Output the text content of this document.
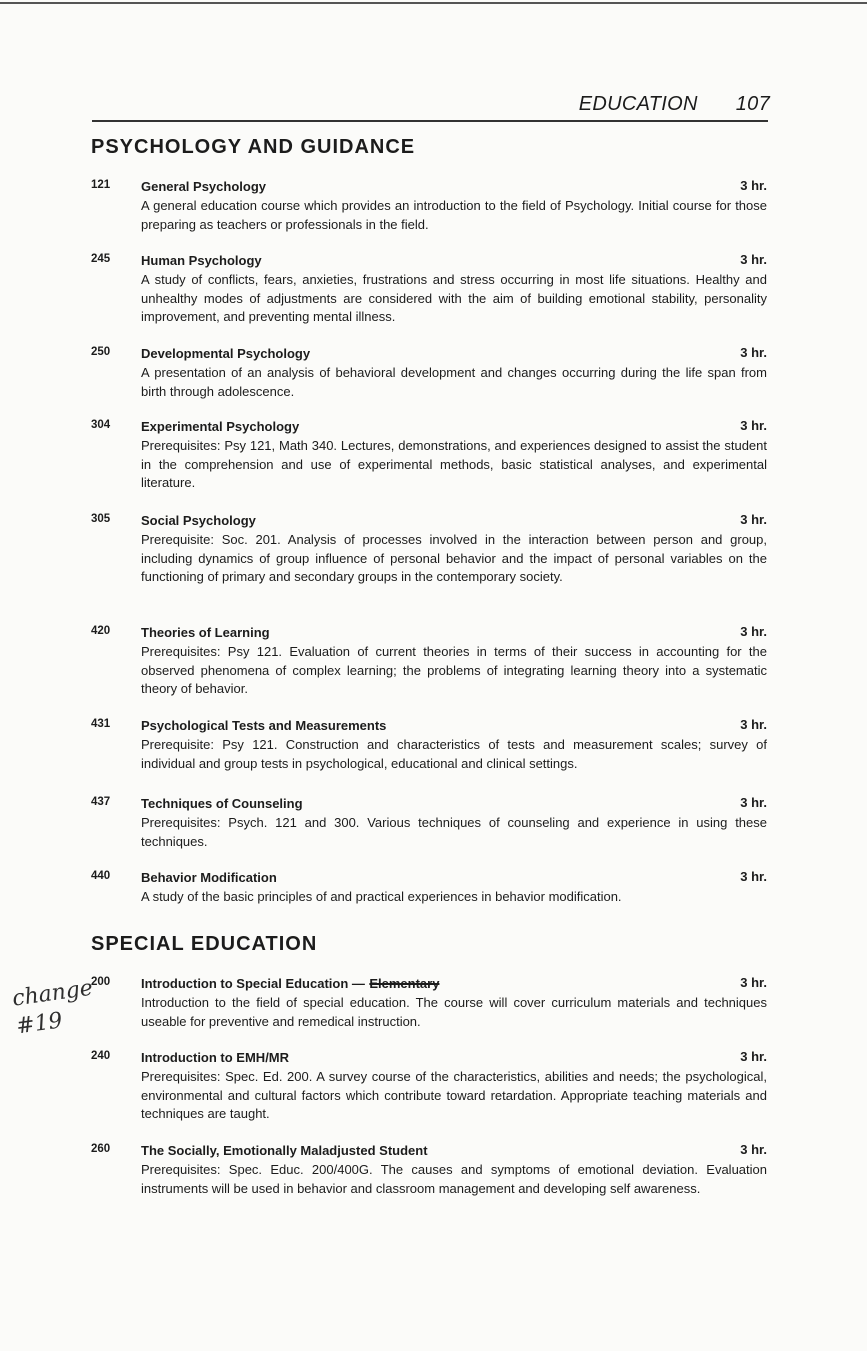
EDUCATION 107
PSYCHOLOGY AND GUIDANCE
121 General Psychology	3 hr.
A general education course which provides an introduction to the field of Psychology. Initial course for those preparing as teachers or professionals in the field.
245 Human Psychology	3 hr.
A study of conflicts, fears, anxieties, frustrations and stress occurring in most life situations. Healthy and unhealthy modes of adjustments are considered with the aim of building emotional stability, personality improvement, and preventing mental illness.
250 Developmental Psychology	3 hr.
A presentation of an analysis of behavioral development and changes occurring during the life span from birth through adolescence.
304 Experimental Psychology	3 hr.
Prerequisites: Psy 121, Math 340. Lectures, demonstrations, and experiences designed to assist the student in the comprehension and use of experimental methods, basic statistical analyses, and experimental literature.
305 Social Psychology	3 hr.
Prerequisite: Soc. 201. Analysis of processes involved in the interaction between person and group, including dynamics of group influence of personal behavior and the impact of personal variables on the functioning of primary and secondary groups in the contemporary society.
420 Theories of Learning	3 hr.
Prerequisites: Psy 121. Evaluation of current theories in terms of their success in accounting for the observed phenomena of complex learning; the problems of integrating learning theory into a systematic theory of behavior.
431 Psychological Tests and Measurements	3 hr.
Prerequisite: Psy 121. Construction and characteristics of tests and measurement scales; survey of individual and group tests in psychological, educational and clinical settings.
437 Techniques of Counseling	3 hr.
Prerequisites: Psych. 121 and 300. Various techniques of counseling and experience in using these techniques.
440 Behavior Modification	3 hr.
A study of the basic principles of and practical experiences in behavior modification.
SPECIAL EDUCATION
change
#19
200 Introduction to Special Education — Elementary	3 hr.
Introduction to the field of special education. The course will cover curriculum materials and techniques useable for preventive and remedical instruction.
240 Introduction to EMH/MR	3 hr.
Prerequisites: Spec. Ed. 200. A survey course of the characteristics, abilities and needs; the psychological, environmental and cultural factors which contribute toward retardation. Appropriate teaching materials and techniques are taught.
260 The Socially, Emotionally Maladjusted Student	3 hr.
Prerequisites: Spec. Educ. 200/400G. The causes and symptoms of emotional deviation. Evaluation instruments will be used in behavior and classroom management and developing self awareness.
